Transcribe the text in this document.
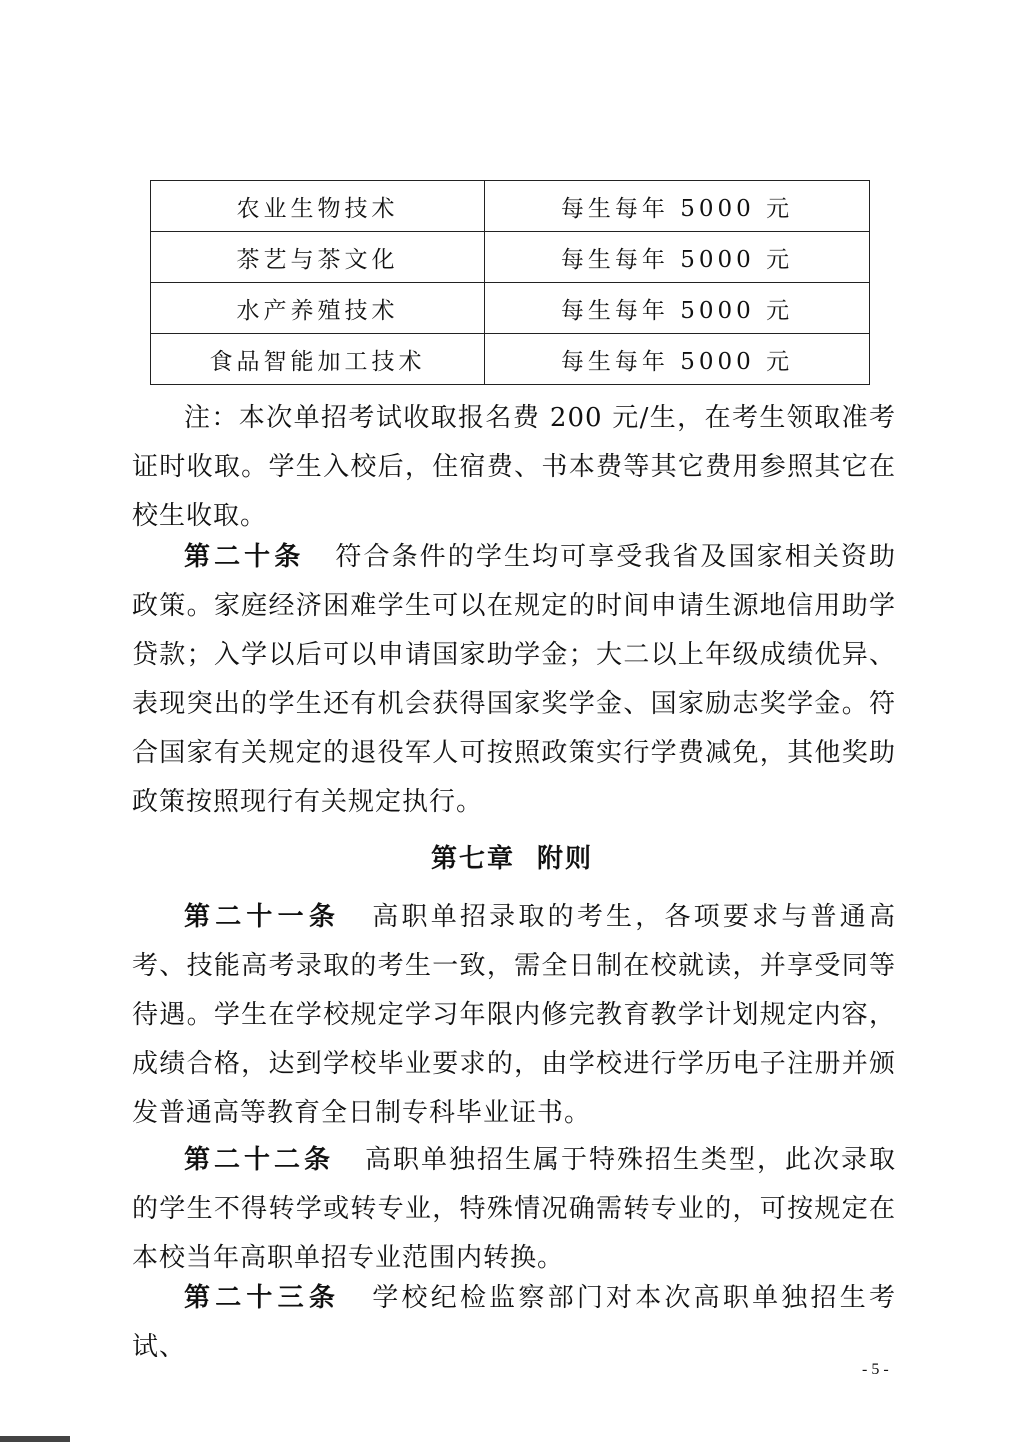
农业生物技术	每生每年 5000 元
茶艺与茶文化	每生每年 5000 元
水产养殖技术	每生每年 5000 元
食品智能加工技术	每生每年 5000 元

注：本次单招考试收取报名费 200 元/生，在考生领取准考证时收取。学生入校后，住宿费、书本费等其它费用参照其它在校生收取。

第二十条 符合条件的学生均可享受我省及国家相关资助政策。家庭经济困难学生可以在规定的时间申请生源地信用助学贷款；入学以后可以申请国家助学金；大二以上年级成绩优异、表现突出的学生还有机会获得国家奖学金、国家励志奖学金。符合国家有关规定的退役军人可按照政策实行学费减免，其他奖助政策按照现行有关规定执行。

第七章 附则

第二十一条 高职单招录取的考生，各项要求与普通高考、技能高考录取的考生一致，需全日制在校就读，并享受同等待遇。学生在学校规定学习年限内修完教育教学计划规定内容，成绩合格，达到学校毕业要求的，由学校进行学历电子注册并颁发普通高等教育全日制专科毕业证书。

第二十二条 高职单独招生属于特殊招生类型，此次录取的学生不得转学或转专业，特殊情况确需转专业的，可按规定在本校当年高职单招专业范围内转换。

第二十三条 学校纪检监察部门对本次高职单独招生考试、

- 5 -
